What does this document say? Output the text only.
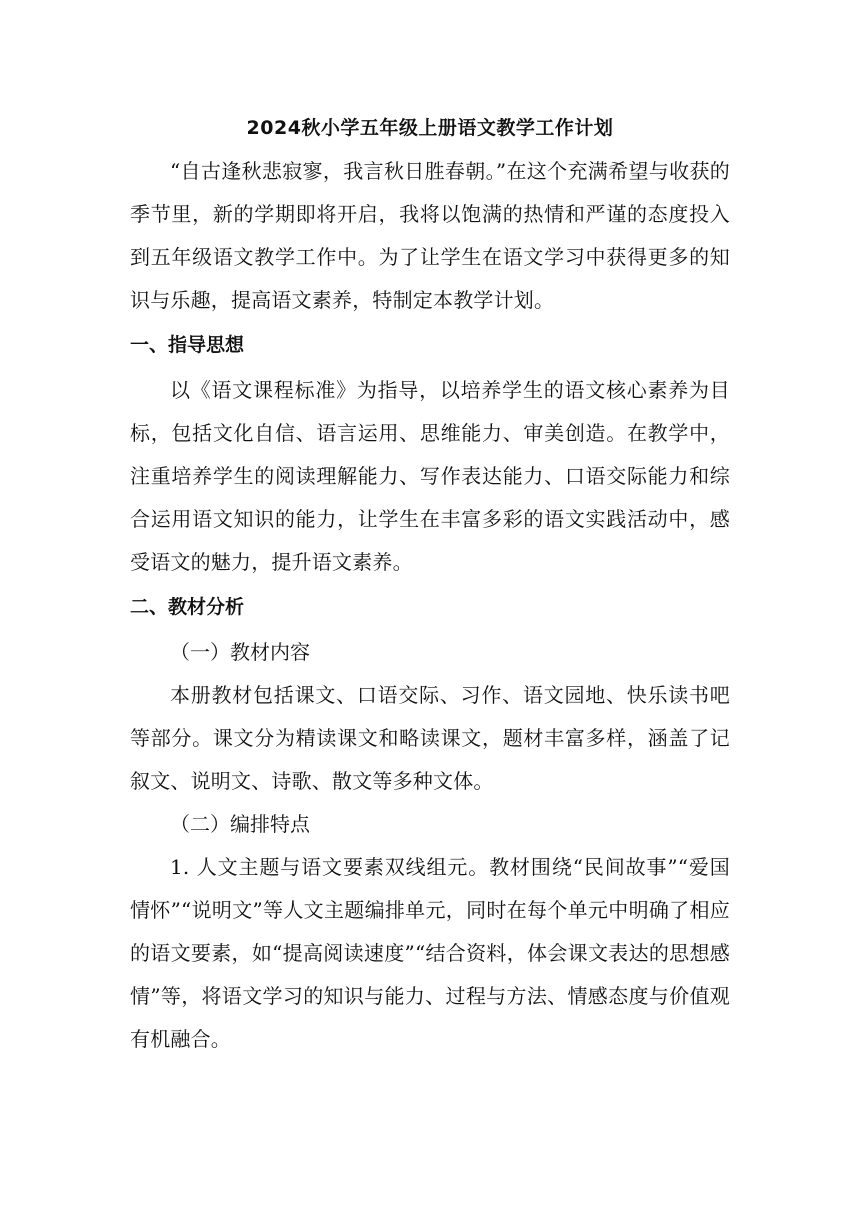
2024秋小学五年级上册语文教学工作计划

“自古逢秋悲寂寥，我言秋日胜春朝。”在这个充满希望与收获的季节里，新的学期即将开启，我将以饱满的热情和严谨的态度投入到五年级语文教学工作中。为了让学生在语文学习中获得更多的知识与乐趣，提高语文素养，特制定本教学计划。

一、指导思想

以《语文课程标准》为指导，以培养学生的语文核心素养为目标，包括文化自信、语言运用、思维能力、审美创造。在教学中，注重培养学生的阅读理解能力、写作表达能力、口语交际能力和综合运用语文知识的能力，让学生在丰富多彩的语文实践活动中，感受语文的魅力，提升语文素养。

二、教材分析
（一）教材内容

本册教材包括课文、口语交际、习作、语文园地、快乐读书吧等部分。课文分为精读课文和略读课文，题材丰富多样，涵盖了记叙文、说明文、诗歌、散文等多种文体。

（二）编排特点

1. 人文主题与语文要素双线组元。教材围绕“民间故事”“爱国情怀”“说明文”等人文主题编排单元，同时在每个单元中明确了相应的语文要素，如“提高阅读速度”“结合资料，体会课文表达的思想感情”等，将语文学习的知识与能力、过程与方法、情感态度与价值观有机融合。
